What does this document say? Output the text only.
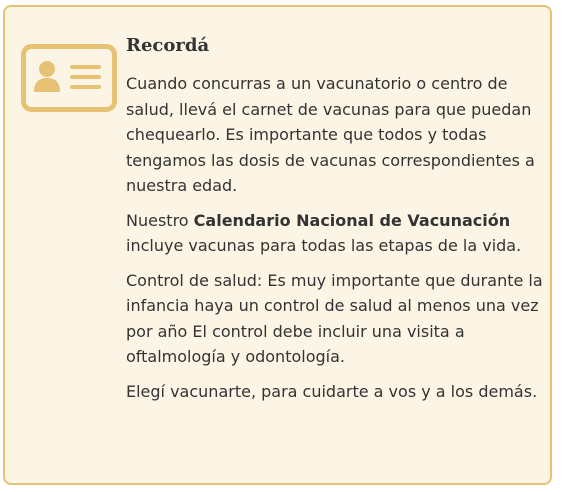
Recordá

Cuando concurras a un vacunatorio o centro de salud, llevá el carnet de vacunas para que puedan chequearlo. Es importante que todos y todas tengamos las dosis de vacunas correspondientes a nuestra edad.

Nuestro Calendario Nacional de Vacunación incluye vacunas para todas las etapas de la vida.

Control de salud: Es muy importante que durante la infancia haya un control de salud al menos una vez por año El control debe incluir una visita a oftalmología y odontología.

Elegí vacunarte, para cuidarte a vos y a los demás.
